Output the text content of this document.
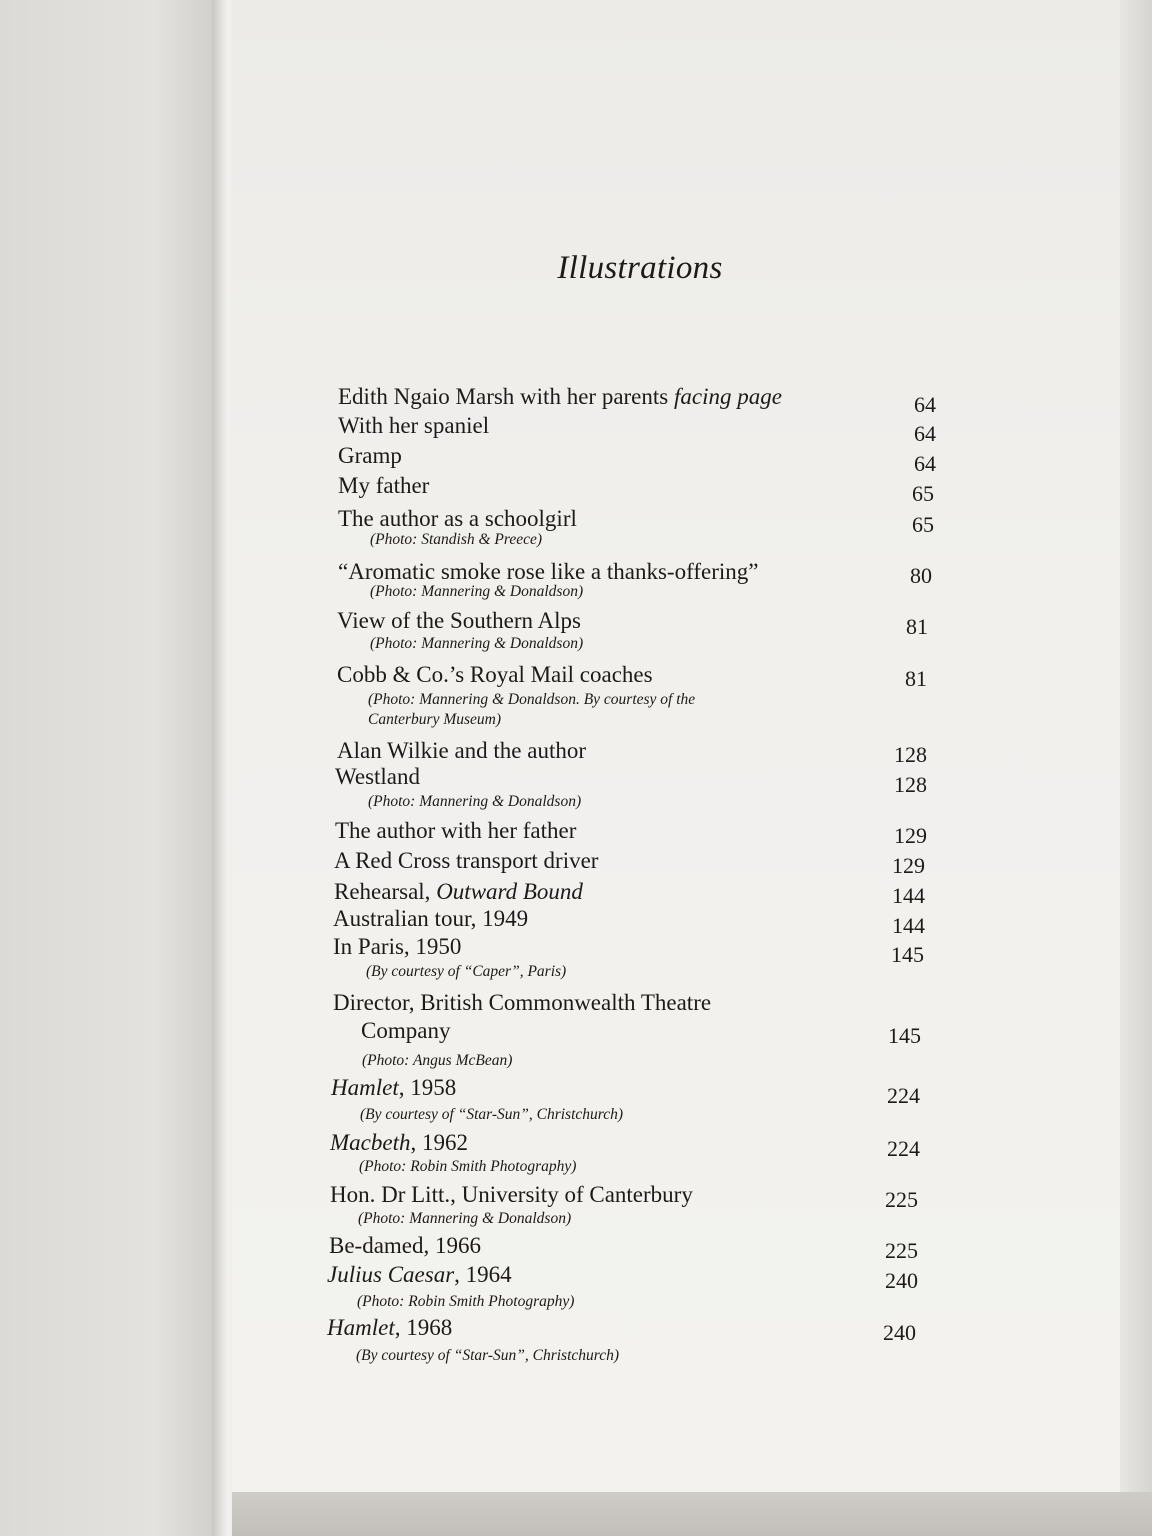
Illustrations
Edith Ngaio Marsh with her parents facing page	64
With her spaniel	64
Gramp	64
My father	65
The author as a schoolgirl	65
(Photo: Standish & Preece)
“Aromatic smoke rose like a thanks-offering”	80
(Photo: Mannering & Donaldson)
View of the Southern Alps	81
(Photo: Mannering & Donaldson)
Cobb & Co.’s Royal Mail coaches	81
(Photo: Mannering & Donaldson. By courtesy of the
Canterbury Museum)
Alan Wilkie and the author	128
Westland	128
(Photo: Mannering & Donaldson)
The author with her father	129
A Red Cross transport driver	129
Rehearsal, Outward Bound	144
Australian tour, 1949	144
In Paris, 1950	145
(By courtesy of “Caper”, Paris)
Director, British Commonwealth Theatre
Company	145
(Photo: Angus McBean)
Hamlet, 1958	224
(By courtesy of “Star-Sun”, Christchurch)
Macbeth, 1962	224
(Photo: Robin Smith Photography)
Hon. Dr Litt., University of Canterbury	225
(Photo: Mannering & Donaldson)
Be-damed, 1966	225
Julius Caesar, 1964	240
(Photo: Robin Smith Photography)
Hamlet, 1968	240
(By courtesy of “Star-Sun”, Christchurch)
